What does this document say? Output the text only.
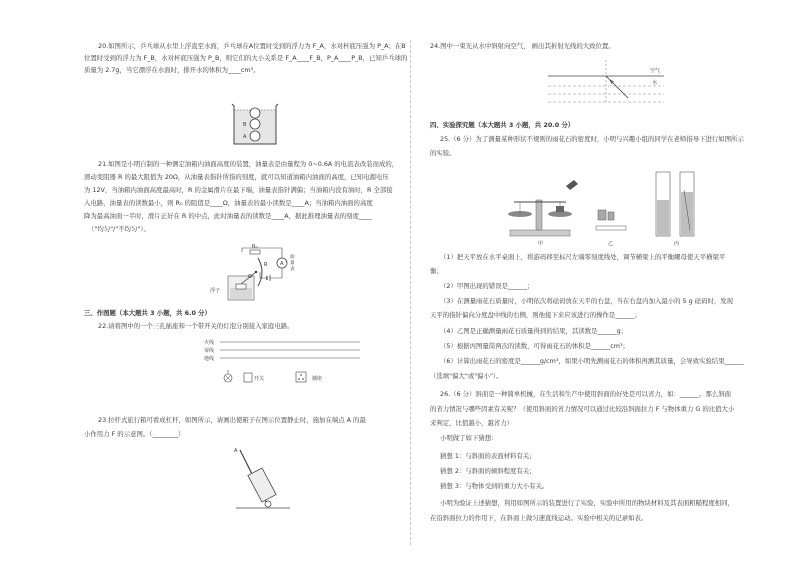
20.如图所示，乒乓球从水里上浮直至水面，乒乓球在A位置时受到的浮力为 F_A，水对杯底压强为 P_A；在B
位置时受到的浮力为 F_B，水对杯底压强为 P_B，则它们的大小关系是 F_A____F_B，P_A____P_B，已知乒乓球的
质量为 2.7g，当它漂浮在水面时，排开水的体积为____cm³。
B
A
21.如图是小明自制的一种测定油箱内油面高度的装置，油量表是由量程为 0~0.6A 的电流表改装而成的，
滑动变阻器 R 的最大阻值为 20Ω，从油量表指针所指的刻度，就可以知道油箱内油面的高度，已知电源电压
为 12V，当油箱内油面高度最高时，R 的金属滑片在最下端，油量表指针满偏；当油箱内没有油时，R 全部接
入电路，油量表的读数最小，则 R₀ 的阻值是____Ω，油量表的最小读数是____A；当油箱内油面的高度
降为最高油面一半时，滑片正好在 R 的中点，此时油量表的读数是____A，据此推理油量表的刻度____
（"均匀"/"不均匀"）。
A
R₀
油
量
表
浮子
O
R
三、作图题（本大题共 3 小题，共 6.0 分）
22.请将图中的一个三孔插座和一个带开关的灯泡分别接入家庭电路。
火线
零线
地线
开关	插座
23.拉杆式旅行箱可看成杠杆，如图所示，请画出使箱子在图示位置静止时，施加在端点 A 的最
小作用力 F 的示意图。（________）
A
24.图中一束光从水中斜射向空气， 画出其折射光线的大致位置。
空气
水
四、实验探究题（本大题共 3 小题，共 20.0 分）
25.（6 分）为了测量某种形状不规则的雨花石的密度时，小明与兴趣小组的同学在老师指导下进行如图所示
的实验。
甲	乙	丙
（1）把天平放在水平桌面上，将游码移至标尺左端零刻度线处，调节横梁上的平衡螺母使天平横梁平
衡；
（2）甲图出现的错误是______；
（3）在测量雨花石质量时，小明依次将砝码放在天平的右盘，当在右盘内加入最小的 5 g 砝码时，发现
天平的指针偏向分度盘中线的右侧，则他接下来应该进行的操作是______；
（4）乙图是正确测量雨花石质量得到的结果，其读数是______g；
（5）根据丙图量筒两次的读数，可得雨花石的体积是______cm³；
（6）计算出雨花石的密度是______g/cm³，如果小明先测雨花石的体积再测其质量，会导致实验结果______
（选填"偏大"或"偏小"）。
26.（6 分）斜面是一种简单机械，在生活和生产中使用斜面的好处是可以省力，如：______。那么斜面
的省力情况与哪些因素有关呢？（使用斜面的省力情况可以通过比较沿斜面拉力 F 与物体重力 G 的比值大小
来判定，比值越小，越省力）
小明做了如下猜想：
猜想 1：与斜面的表面材料有关；
猜想 2：与斜面的倾斜程度有关；
猜想 3：与物体受到的重力大小有关。
小明为验证上述猜想，利用如图所示的装置进行了实验，实验中所用的物块材料及其表面粗糙程度相同，
在沿斜面拉力的作用下，在斜面上做匀速直线运动。实验中相关的记录如表。
